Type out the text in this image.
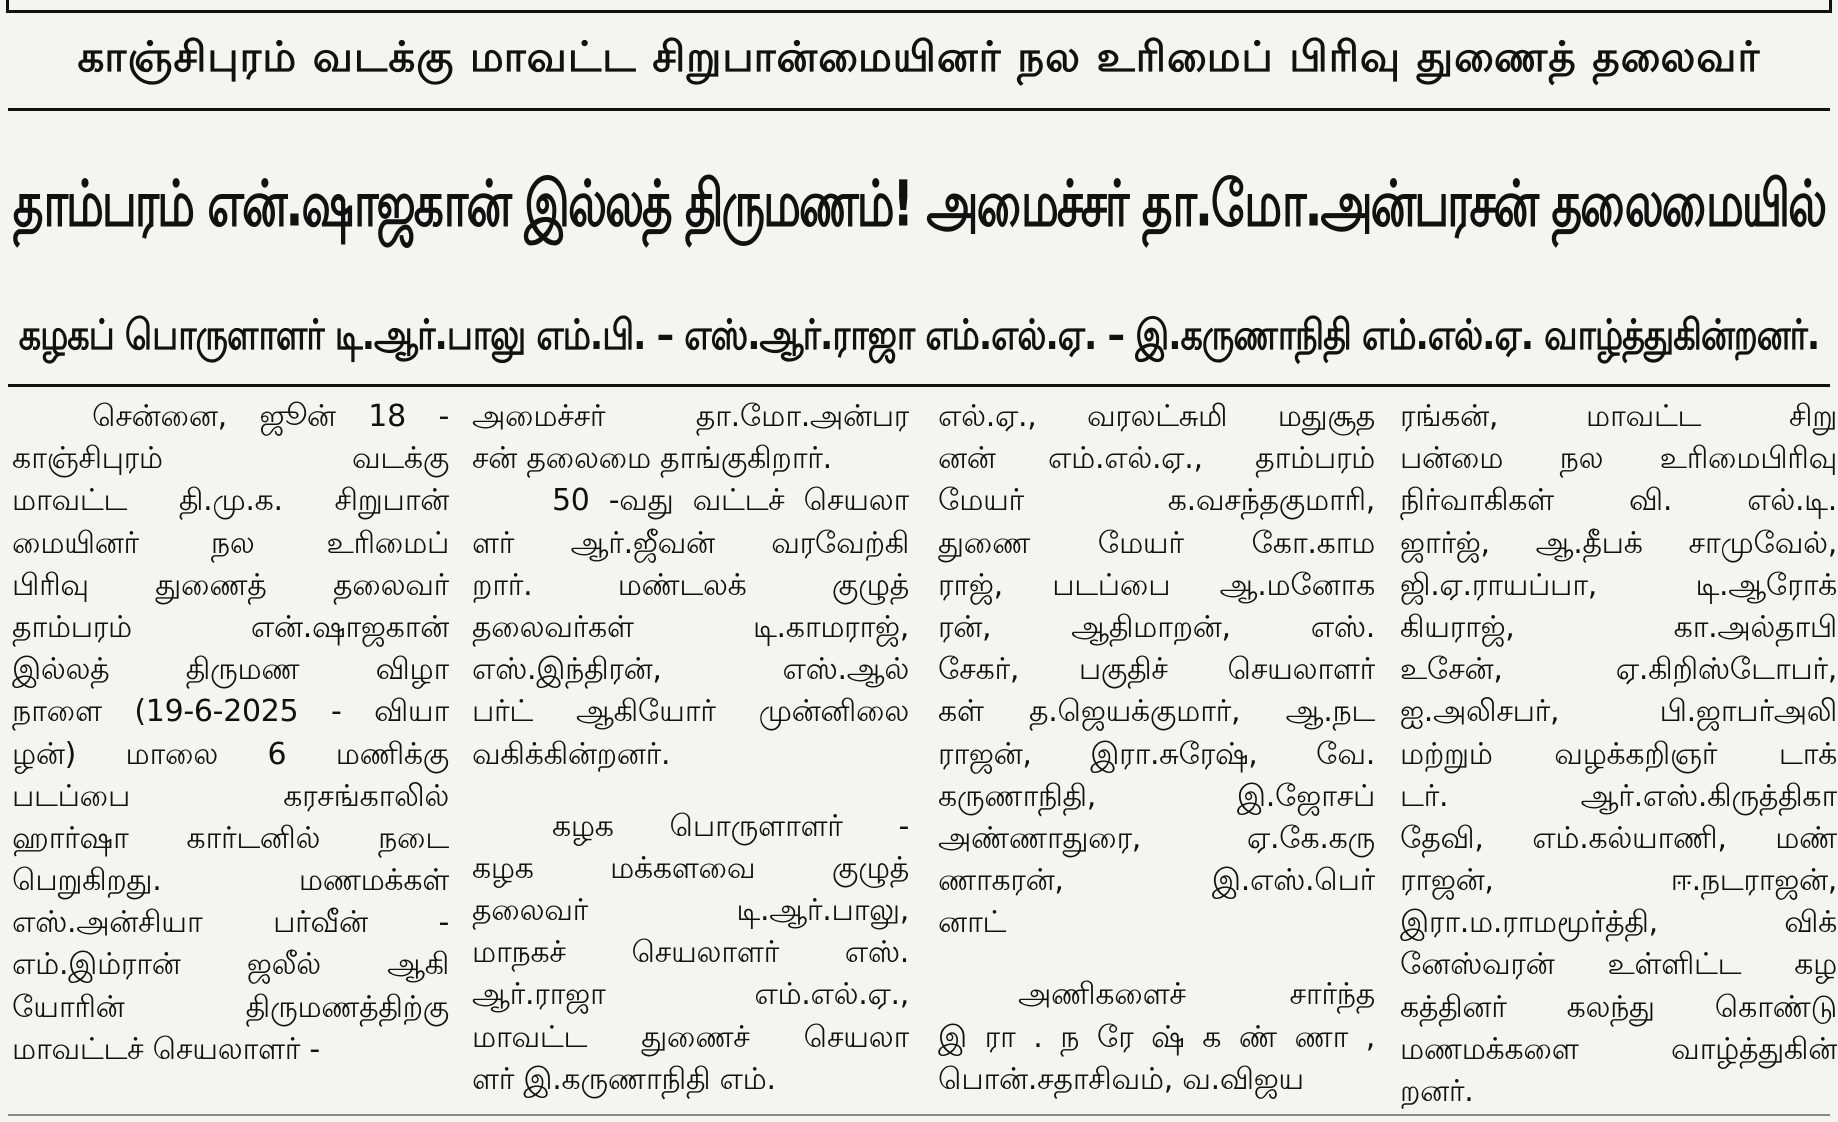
காஞ்சிபுரம் வடக்கு மாவட்ட சிறுபான்மையினர் நல உரிமைப் பிரிவு துணைத் தலைவர்
தாம்பரம் என்.ஷாஜகான் இல்லத் திருமணம்! அமைச்சர் தா.மோ.அன்பரசன் தலைமையில்
கழகப் பொருளாளர் டி.ஆர்.பாலு எம்.பி. – எஸ்.ஆர்.ராஜா எம்.எல்.ஏ. – இ.கருணாநிதி எம்.எல்.ஏ. வாழ்த்துகின்றனர்.
சென்னை, ஜூன் 18 -
காஞ்சிபுரம் வடக்கு
மாவட்ட தி.மு.க. சிறுபான்
மையினர் நல உரிமைப்
பிரிவு துணைத் தலைவர்
தாம்பரம் என்.ஷாஜகான்
இல்லத் திருமண விழா
நாளை (19-6-2025 - வியா
ழன்) மாலை 6 மணிக்கு
படப்பை கரசங்காலில்
ஹார்ஷா கார்டனில் நடை
பெறுகிறது. மணமக்கள்
எஸ்.அன்சியா பர்வீன் -
எம்.இம்ரான் ஜலீல் ஆகி
யோரின் திருமணத்திற்கு
மாவட்டச் செயலாளர் -
அமைச்சர் தா.மோ.அன்பர
சன் தலைமை தாங்குகிறார்.
50 -வது வட்டச் செயலா
ளர் ஆர்.ஜீவன் வரவேற்கி
றார். மண்டலக் குழுத்
தலைவர்கள் டி.காமராஜ்,
எஸ்.இந்திரன், எஸ்.ஆல்
பர்ட் ஆகியோர் முன்னிலை
வகிக்கின்றனர்.
கழக பொருளாளர் -
கழக மக்களவை குழுத்
தலைவர் டி.ஆர்.பாலு,
மாநகச் செயலாளர் எஸ்.
ஆர்.ராஜா எம்.எல்.ஏ.,
மாவட்ட துணைச் செயலா
ளர் இ.கருணாநிதி எம்.
எல்.ஏ., வரலட்சுமி மதுசூத
னன் எம்.எல்.ஏ., தாம்பரம்
மேயர் க.வசந்தகுமாரி,
துணை மேயர் கோ.காம
ராஜ், படப்பை ஆ.மனோக
ரன், ஆதிமாறன், எஸ்.
சேகர், பகுதிச் செயலாளர்
கள் த.ஜெயக்குமார், ஆ.நட
ராஜன், இரா.சுரேஷ், வே.
கருணாநிதி, இ.ஜோசப்
அண்ணாதுரை, ஏ.கே.கரு
ணாகரன், இ.எஸ்.பெர்
னாட்
அணிகளைச் சார்ந்த
இ ரா . ந ரே ஷ் க ண் ணா ,
பொன்.சதாசிவம், வ.விஜய
ரங்கன், மாவட்ட சிறு
பன்மை நல உரிமைபிரிவு
நிர்வாகிகள் வி. எல்.டி.
ஜார்ஜ், ஆ.தீபக் சாமுவேல்,
ஜி.ஏ.ராயப்பா, டி.ஆரோக்
கியராஜ், கா.அல்தாபி
உசேன், ஏ.கிறிஸ்டோபர்,
ஐ.அலிசபர், பி.ஜாபர்அலி
மற்றும் வழக்கறிஞர் டாக்
டர். ஆர்.எஸ்.கிருத்திகா
தேவி, எம்.கல்யாணி, மண்
ராஜன், ஈ.நடராஜன்,
இரா.ம.ராமமூர்த்தி, விக்
னேஸ்வரன் உள்ளிட்ட கழ
கத்தினர் கலந்து கொண்டு
மணமக்களை வாழ்த்துகின்
றனர்.
